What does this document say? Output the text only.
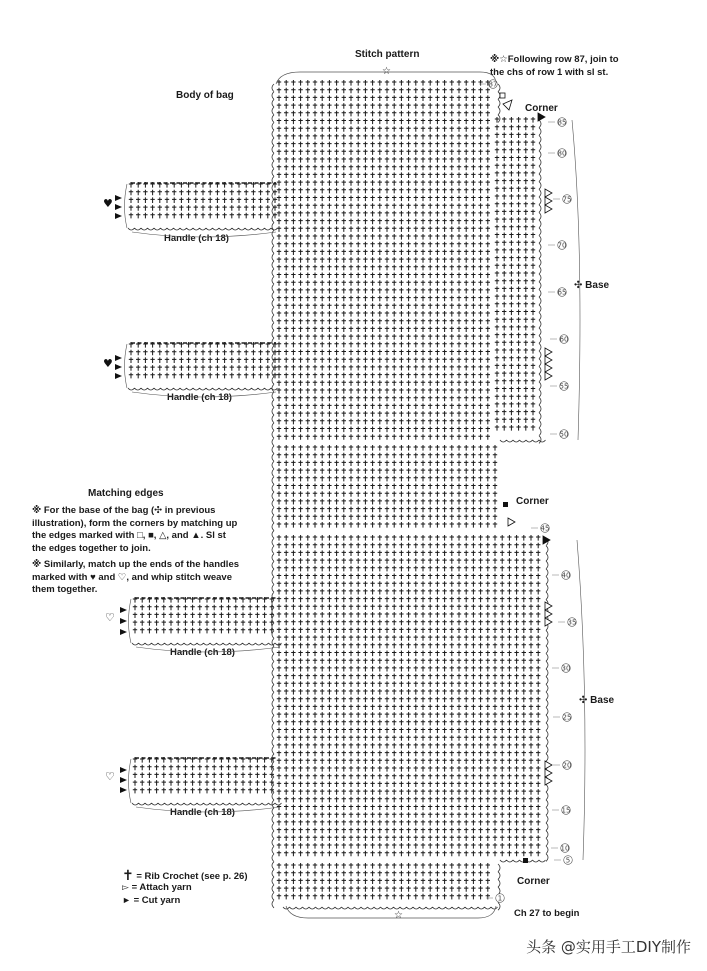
Stitch pattern
Body of bag
※☆Following row 87, join to
the chs of row 1 with sl st.
Corner
Corner
Corner
✣ Base
✣ Base
Handle (ch 18)
Handle (ch 18)
Handle (ch 18)
Handle (ch 18)
Matching edges

※ For the base of the bag (✣ in previous
illustration), form the corners by matching up
the edges marked with □, ■, △, and ▲. Sl st
the edges together to join.

※ Similarly, match up the ends of the handles
marked with ♥ and ♡, and whip stitch weave
them together.

✝ = Rib Crochet (see p. 26)
▻ = Attach yarn
► = Cut yarn
Ch 27 to begin
☆
☆
头条 @实用手工DIY制作
♥
♥
♡
♡
87
85
80
75
70
65
60
55
50
45
40
35
30
25
20
15
10
5
1
